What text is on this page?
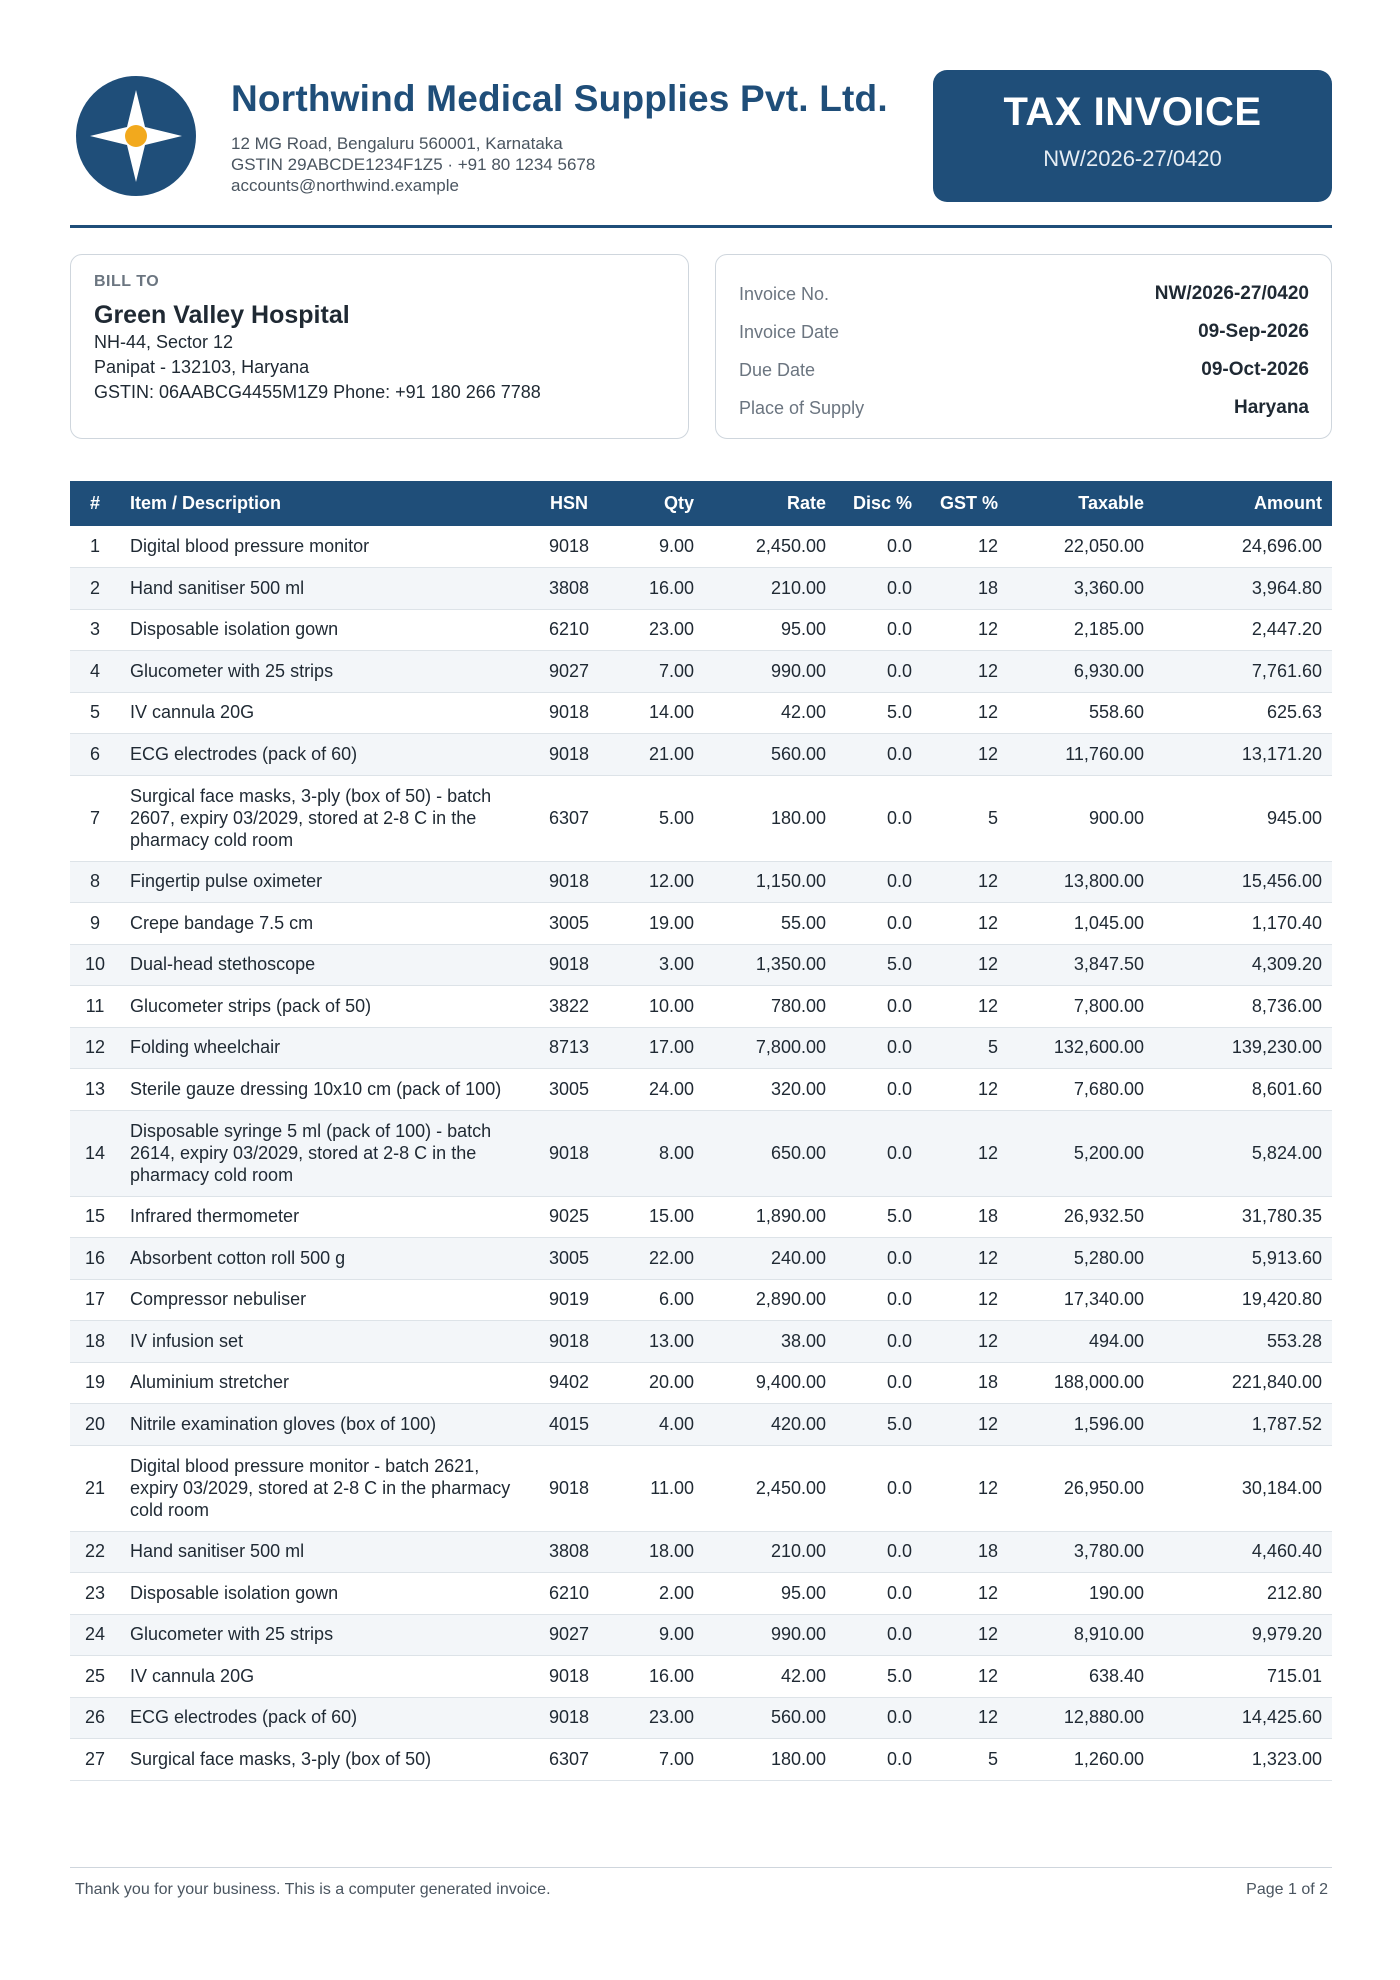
Northwind Medical Supplies Pvt. Ltd.
12 MG Road, Bengaluru 560001, Karnataka
GSTIN 29ABCDE1234F1Z5 · +91 80 1234 5678
accounts@northwind.example
TAX INVOICE
NW/2026-27/0420
BILL TO
Green Valley Hospital
NH-44, Sector 12
Panipat - 132103, Haryana
GSTIN: 06AABCG4455M1Z9 Phone: +91 180 266 7788
Invoice No.	NW/2026-27/0420
Invoice Date	09-Sep-2026
Due Date	09-Oct-2026
Place of Supply	Haryana
#	Item / Description	HSN	Qty	Rate	Disc %	GST %	Taxable	Amount
1	Digital blood pressure monitor	9018	9.00	2,450.00	0.0	12	22,050.00	24,696.00
2	Hand sanitiser 500 ml	3808	16.00	210.00	0.0	18	3,360.00	3,964.80
3	Disposable isolation gown	6210	23.00	95.00	0.0	12	2,185.00	2,447.20
4	Glucometer with 25 strips	9027	7.00	990.00	0.0	12	6,930.00	7,761.60
5	IV cannula 20G	9018	14.00	42.00	5.0	12	558.60	625.63
6	ECG electrodes (pack of 60)	9018	21.00	560.00	0.0	12	11,760.00	13,171.20
7	Surgical face masks, 3-ply (box of 50) - batch 2607, expiry 03/2029, stored at 2-8 C in the pharmacy cold room	6307	5.00	180.00	0.0	5	900.00	945.00
8	Fingertip pulse oximeter	9018	12.00	1,150.00	0.0	12	13,800.00	15,456.00
9	Crepe bandage 7.5 cm	3005	19.00	55.00	0.0	12	1,045.00	1,170.40
10	Dual-head stethoscope	9018	3.00	1,350.00	5.0	12	3,847.50	4,309.20
11	Glucometer strips (pack of 50)	3822	10.00	780.00	0.0	12	7,800.00	8,736.00
12	Folding wheelchair	8713	17.00	7,800.00	0.0	5	132,600.00	139,230.00
13	Sterile gauze dressing 10x10 cm (pack of 100)	3005	24.00	320.00	0.0	12	7,680.00	8,601.60
14	Disposable syringe 5 ml (pack of 100) - batch 2614, expiry 03/2029, stored at 2-8 C in the pharmacy cold room	9018	8.00	650.00	0.0	12	5,200.00	5,824.00
15	Infrared thermometer	9025	15.00	1,890.00	5.0	18	26,932.50	31,780.35
16	Absorbent cotton roll 500 g	3005	22.00	240.00	0.0	12	5,280.00	5,913.60
17	Compressor nebuliser	9019	6.00	2,890.00	0.0	12	17,340.00	19,420.80
18	IV infusion set	9018	13.00	38.00	0.0	12	494.00	553.28
19	Aluminium stretcher	9402	20.00	9,400.00	0.0	18	188,000.00	221,840.00
20	Nitrile examination gloves (box of 100)	4015	4.00	420.00	5.0	12	1,596.00	1,787.52
21	Digital blood pressure monitor - batch 2621, expiry 03/2029, stored at 2-8 C in the pharmacy cold room	9018	11.00	2,450.00	0.0	12	26,950.00	30,184.00
22	Hand sanitiser 500 ml	3808	18.00	210.00	0.0	18	3,780.00	4,460.40
23	Disposable isolation gown	6210	2.00	95.00	0.0	12	190.00	212.80
24	Glucometer with 25 strips	9027	9.00	990.00	0.0	12	8,910.00	9,979.20
25	IV cannula 20G	9018	16.00	42.00	5.0	12	638.40	715.01
26	ECG electrodes (pack of 60)	9018	23.00	560.00	0.0	12	12,880.00	14,425.60
27	Surgical face masks, 3-ply (box of 50)	6307	7.00	180.00	0.0	5	1,260.00	1,323.00
Thank you for your business. This is a computer generated invoice.	Page 1 of 2
